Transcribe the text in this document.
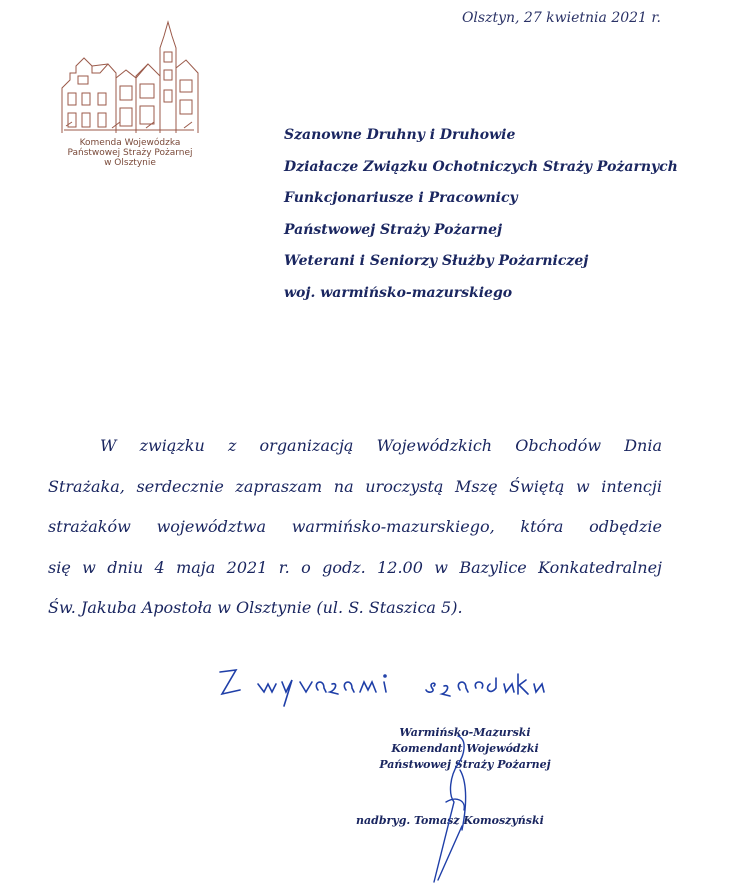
Olsztyn, 27 kwietnia 2021 r.
Komenda Wojewódzka
Państwowej Straży Pożarnej
w Olsztynie
Szanowne Druhny i Druhowie
Działacze Związku Ochotniczych Straży Pożarnych
Funkcjonariusze i Pracownicy
Państwowej Straży Pożarnej
Weterani i Seniorzy Służby Pożarniczej
woj. warmińsko-mazurskiego
W związku z organizacją Wojewódzkich Obchodów Dnia
Strażaka, serdecznie zapraszam na uroczystą Mszę Świętą w intencji
strażaków województwa warmińsko-mazurskiego, która odbędzie
się w dniu 4 maja 2021 r. o godz. 12.00 w Bazylice Konkatedralnej
Św. Jakuba Apostoła w Olsztynie (ul. S. Staszica 5).
Warmińsko-Mazurski
Komendant Wojewódzki
Państwowej Straży Pożarnej
nadbryg. Tomasz Komoszyński
